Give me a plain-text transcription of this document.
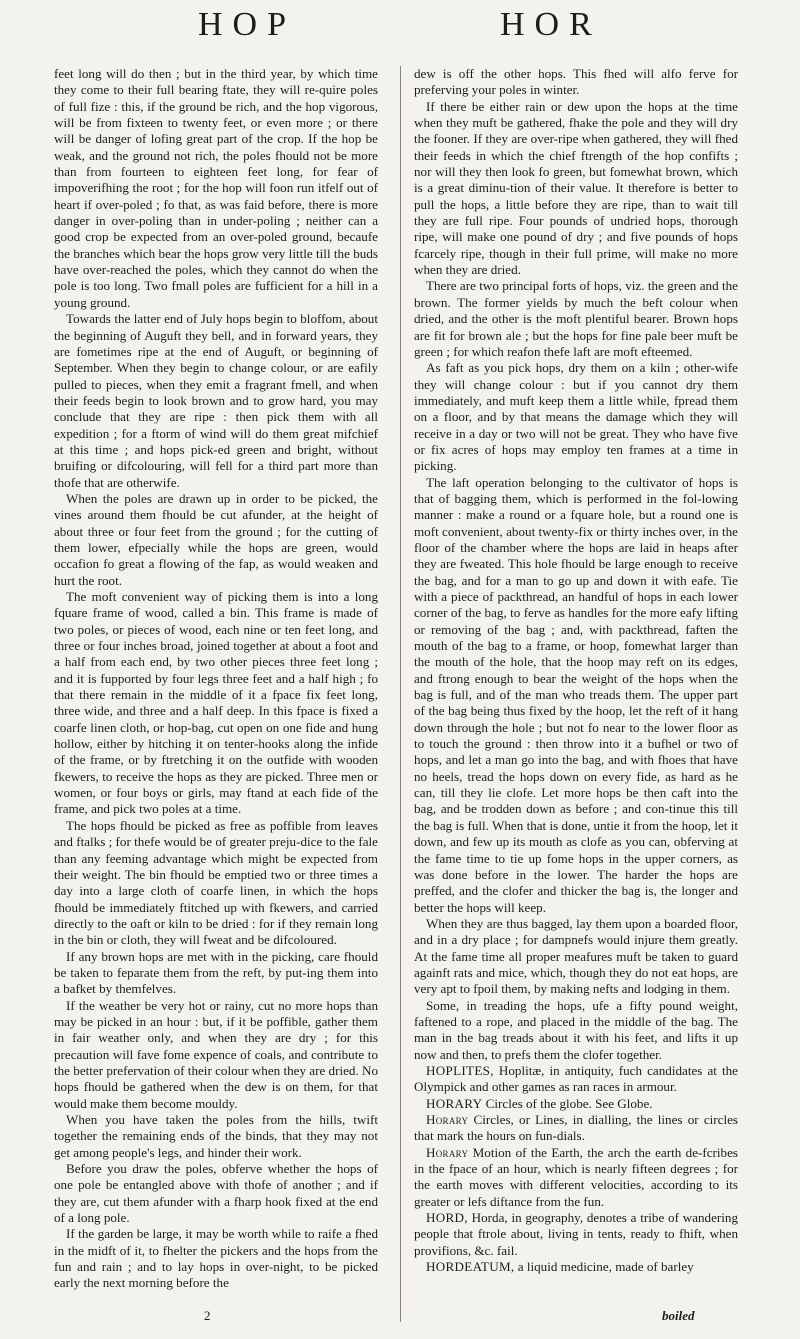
HOP	HOR

feet long will do then ; but in the third year, by which time they come to their full bearing ftate, they will re-quire poles of full fize : this, if the ground be rich, and the hop vigorous, will be from fixteen to twenty feet, or even more ; or there will be danger of lofing great part of the crop. If the hop be weak, and the ground not rich, the poles fhould not be more than from fourteen to eighteen feet long, for fear of impoverifhing the root ; for the hop will foon run itfelf out of heart if over-poled ; fo that, as was faid before, there is more danger in over-poling than in under-poling ; neither can a good crop be expected from an over-poled ground, becaufe the branches which bear the hops grow very little till the buds have over-reached the poles, which they cannot do when the pole is too long. Two fmall poles are fufficient for a hill in a young ground.

Towards the latter end of July hops begin to bloffom, about the beginning of Auguft they bell, and in forward years, they are fometimes ripe at the end of Auguft, or beginning of September. When they begin to change colour, or are eafily pulled to pieces, when they emit a fragrant fmell, and when their feeds begin to look brown and to grow hard, you may conclude that they are ripe : then pick them with all expedition ; for a ftorm of wind will do them great mifchief at this time ; and hops pick-ed green and bright, without bruifing or difcolouring, will fell for a third part more than thofe that are otherwife.

When the poles are drawn up in order to be picked, the vines around them fhould be cut afunder, at the height of about three or four feet from the ground ; for the cutting of them lower, efpecially while the hops are green, would occafion fo great a flowing of the fap, as would weaken and hurt the root.

The moft convenient way of picking them is into a long fquare frame of wood, called a bin. This frame is made of two poles, or pieces of wood, each nine or ten feet long, and three or four inches broad, joined together at about a foot and a half from each end, by two other pieces three feet long ; and it is fupported by four legs three feet and a half high ; fo that there remain in the middle of it a fpace fix feet long, three wide, and three and a half deep. In this fpace is fixed a coarfe linen cloth, or hop-bag, cut open on one fide and hung hollow, either by hitching it on tenter-hooks along the infide of the frame, or by ftretching it on the outfide with wooden fkewers, to receive the hops as they are picked. Three men or women, or four boys or girls, may ftand at each fide of the frame, and pick two poles at a time.

The hops fhould be picked as free as poffible from leaves and ftalks ; for thefe would be of greater preju-dice to the fale than any feeming advantage which might be expected from their weight. The bin fhould be emptied two or three times a day into a large cloth of coarfe linen, in which the hops fhould be immediately ftitched up with fkewers, and carried directly to the oaft or kiln to be dried : for if they remain long in the bin or cloth, they will fweat and be difcoloured.

If any brown hops are met with in the picking, care fhould be taken to feparate them from the reft, by put-ing them into a bafket by themfelves.

If the weather be very hot or rainy, cut no more hops than may be picked in an hour : but, if it be poffible, gather them in fair weather only, and when they are dry ; for this precaution will fave fome expence of coals, and contribute to the better prefervation of their colour when they are dried. No hops fhould be gathered when the dew is on them, for that would make them become mouldy.

When you have taken the poles from the hills, twift together the remaining ends of the binds, that they may not get among people's legs, and hinder their work.

Before you draw the poles, obferve whether the hops of one pole be entangled above with thofe of another ; and if they are, cut them afunder with a fharp hook fixed at the end of a long pole.

If the garden be large, it may be worth while to raife a fhed in the midft of it, to fhelter the pickers and the hops from the fun and rain ; and to lay hops in over-night, to be picked early the next morning before the

dew is off the other hops. This fhed will alfo ferve for preferving your poles in winter.

If there be either rain or dew upon the hops at the time when they muft be gathered, fhake the pole and they will dry the fooner. If they are over-ripe when gathered, they will fhed their feeds in which the chief ftrength of the hop confifts ; nor will they then look fo green, but fomewhat brown, which is a great diminu-tion of their value. It therefore is better to pull the hops, a little before they are ripe, than to wait till they are full ripe. Four pounds of undried hops, thorough ripe, will make one pound of dry ; and five pounds of hops fcarcely ripe, though in their full prime, will make no more when they are dried.

There are two principal forts of hops, viz. the green and the brown. The former yields by much the beft colour when dried, and the other is the moft plentiful bearer. Brown hops are fit for brown ale ; but the hops for fine pale beer muft be green ; for which reafon thefe laft are moft efteemed.

As faft as you pick hops, dry them on a kiln ; other-wife they will change colour : but if you cannot dry them immediately, and muft keep them a little while, fpread them on a floor, and by that means the damage which they will receive in a day or two will not be great. They who have five or fix acres of hops may employ ten frames at a time in picking.

The laft operation belonging to the cultivator of hops is that of bagging them, which is performed in the fol-lowing manner : make a round or a fquare hole, but a round one is moft convenient, about twenty-fix or thirty inches over, in the floor of the chamber where the hops are laid in heaps after they are fweated. This hole fhould be large enough to receive the bag, and for a man to go up and down it with eafe. Tie with a piece of packthread, an handful of hops in each lower corner of the bag, to ferve as handles for the more eafy lifting or removing of the bag ; and, with packthread, faften the mouth of the bag to a frame, or hoop, fomewhat larger than the mouth of the hole, that the hoop may reft on its edges, and ftrong enough to bear the weight of the hops when the bag is full, and of the man who treads them. The upper part of the bag being thus fixed by the hoop, let the reft of it hang down through the hole ; but not fo near to the lower floor as to touch the ground : then throw into it a bufhel or two of hops, and let a man go into the bag, and with fhoes that have no heels, tread the hops down on every fide, as hard as he can, till they lie clofe. Let more hops be then caft into the bag, and be trodden down as before ; and con-tinue this till the bag is full. When that is done, untie it from the hoop, let it down, and few up its mouth as clofe as you can, obferving at the fame time to tie up fome hops in the upper corners, as was done before in the lower. The harder the hops are preffed, and the clofer and thicker the bag is, the longer and better the hops will keep.

When they are thus bagged, lay them upon a boarded floor, and in a dry place ; for dampnefs would injure them greatly. At the fame time all proper meafures muft be taken to guard againft rats and mice, which, though they do not eat hops, are very apt to fpoil them, by making nefts and lodging in them.

Some, in treading the hops, ufe a fifty pound weight, faftened to a rope, and placed in the middle of the bag. The man in the bag treads about it with his feet, and lifts it up now and then, to prefs them the clofer together.

HOPLITES, Hoplitæ, in antiquity, fuch candidates at the Olympick and other games as ran races in armour.

HORARY Circles of the globe. See Globe.

Horary Circles, or Lines, in dialling, the lines or circles that mark the hours on fun-dials.

Horary Motion of the Earth, the arch the earth de-fcribes in the fpace of an hour, which is nearly fifteen degrees ; for the earth moves with different velocities, according to its greater or lefs diftance from the fun.

HORD, Horda, in geography, denotes a tribe of wandering people that ftrole about, living in tents, ready to fhift, when provifions, &c. fail.

HORDEATUM, a liquid medicine, made of barley

2	boiled
